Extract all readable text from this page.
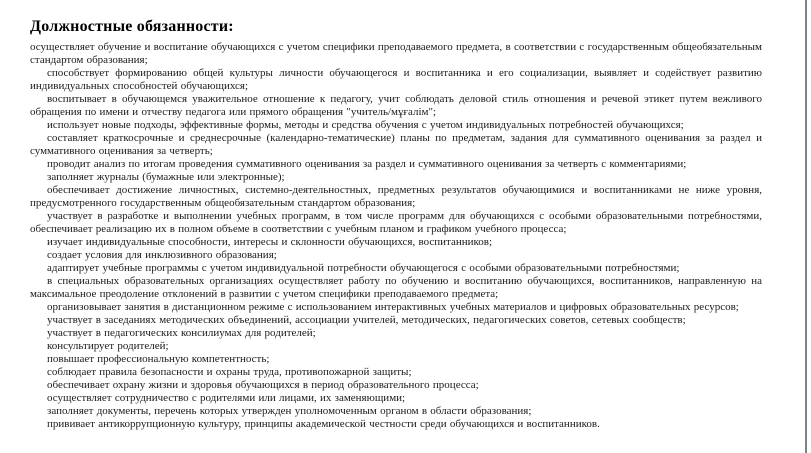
Должностные обязанности:

осуществляет обучение и воспитание обучающихся с учетом специфики преподаваемого предмета, в соответствии с государственным общеобязательным стандартом образования;

способствует формированию общей культуры личности обучающегося и воспитанника и его социализации, выявляет и содействует развитию индивидуальных способностей обучающихся;

воспитывает в обучающемся уважительное отношение к педагогу, учит соблюдать деловой стиль отношения и речевой этикет путем вежливого обращения по имени и отчеству педагога или прямого обращения "учитель/мұғалім";

использует новые подходы, эффективные формы, методы и средства обучения с учетом индивидуальных потребностей обучающихся;

составляет краткосрочные и среднесрочные (календарно-тематические) планы по предметам, задания для суммативного оценивания за раздел и суммативного оценивания за четверть;

проводит анализ по итогам проведения суммативного оценивания за раздел и суммативного оценивания за четверть с комментариями;

заполняет журналы (бумажные или электронные);

обеспечивает достижение личностных, системно-деятельностных, предметных результатов обучающимися и воспитанниками не ниже уровня, предусмотренного государственным общеобязательным стандартом образования;

участвует в разработке и выполнении учебных программ, в том числе программ для обучающихся с особыми образовательными потребностями, обеспечивает реализацию их в полном объеме в соответствии с учебным планом и графиком учебного процесса;

изучает индивидуальные способности, интересы и склонности обучающихся, воспитанников;

создает условия для инклюзивного образования;

адаптирует учебные программы с учетом индивидуальной потребности обучающегося с особыми образовательными потребностями;

в специальных образовательных организациях осуществляет работу по обучению и воспитанию обучающихся, воспитанников, направленную на максимальное преодоление отклонений в развитии с учетом специфики преподаваемого предмета;

организовывает занятия в дистанционном режиме с использованием интерактивных учебных материалов и цифровых образовательных ресурсов;

участвует в заседаниях методических объединений, ассоциации учителей, методических, педагогических советов, сетевых сообществ;

участвует в педагогических консилиумах для родителей;

консультирует родителей;

повышает профессиональную компетентность;

соблюдает правила безопасности и охраны труда, противопожарной защиты;

обеспечивает охрану жизни и здоровья обучающихся в период образовательного процесса;

осуществляет сотрудничество с родителями или лицами, их заменяющими;

заполняет документы, перечень которых утвержден уполномоченным органом в области образования;

прививает антикоррупционную культуру, принципы академической честности среди обучающихся и воспитанников.
